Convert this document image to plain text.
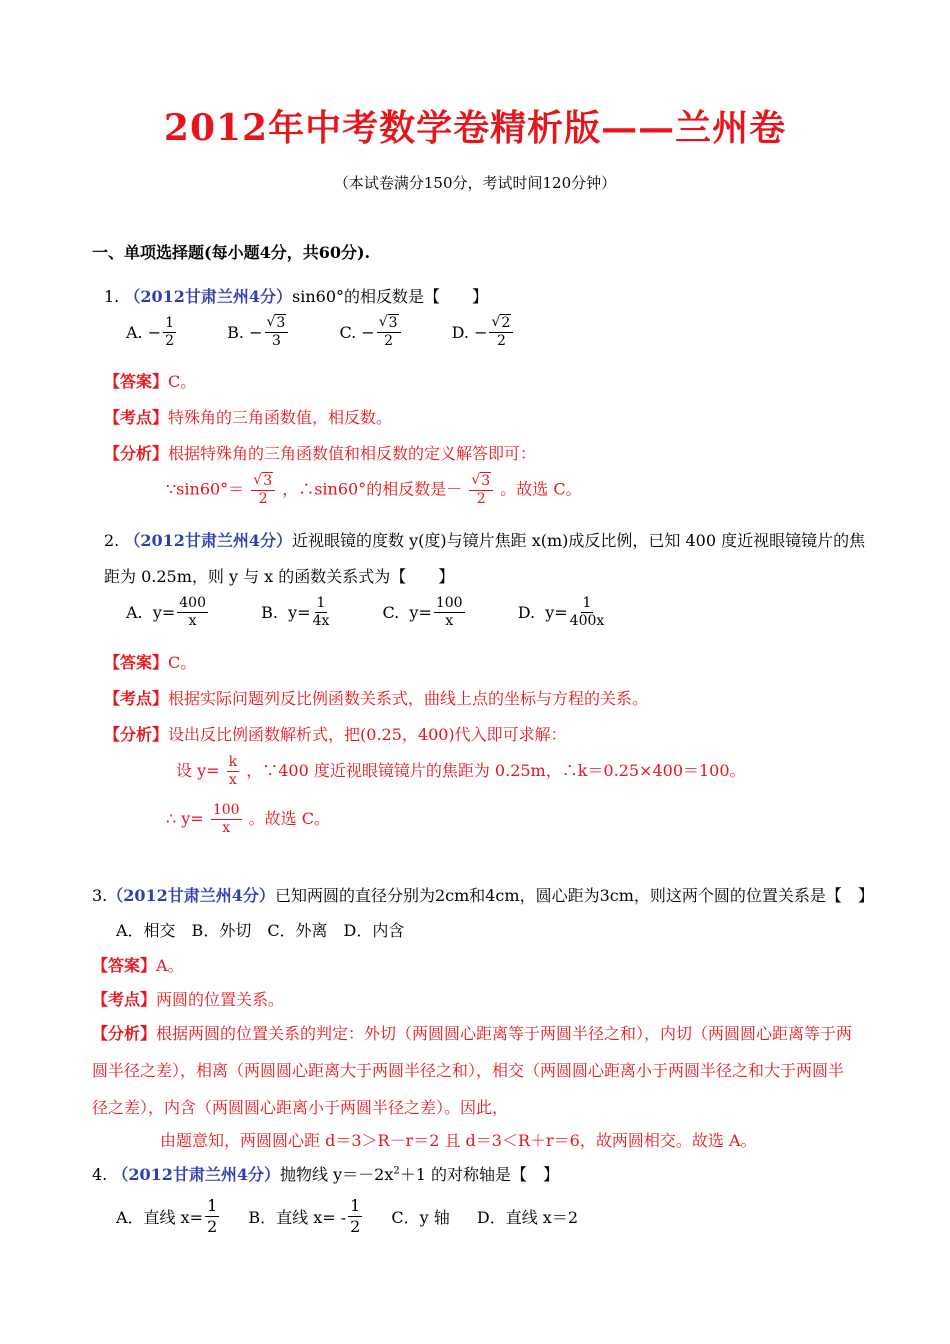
2012年中考数学卷精析版——兰州卷
（本试卷满分150分，考试时间120分钟）
一、单项选择题(每小题4分，共60分).
1. （2012甘肃兰州4分）sin60°的相反数是【　　】
A.
− $\frac{1}{2}$
	B.
− $\frac{√ 3}{3}$
	C.
− $\frac{√ 3}{2}$
	D.
− $\frac{√ 2}{2}$
【答案】C。
【考点】特殊角的三角函数值，相反数。
【分析】根据特殊角的三角函数值和相反数的定义解答即可：
∵sin60°＝ $\frac{√ 3}{2}$ ，∴sin60°的相反数是－ $\frac{√ 3}{2}$ 。故选 C。
2. （2012甘肃兰州4分）近视眼镜的度数 y(度)与镜片焦距 x(m)成反比例，已知 400 度近视眼镜镜片的焦
距为 0.25m，则 y 与 x 的函数关系式为【　　】
A.
$y= \frac{400}{x}$
	B.
$y= \frac{1}{4x}$
	C.
$y= \frac{100}{x}$
	D.
$y= \frac{1}{400x}$
【答案】C。
【考点】根据实际问题列反比例函数关系式，曲线上点的坐标与方程的关系。
【分析】设出反比例函数解析式，把(0.25，400)代入即可求解：
设 $y= \frac{k}{x}$ ，∵400 度近视眼镜镜片的焦距为 0.25m，∴k＝0.25×400＝100。
∴ $y= \frac{100}{x}$ 。故选 C。
3.（2012甘肃兰州4分）已知两圆的直径分别为2cm和4cm，圆心距为3cm，则这两个圆的位置关系是【　】
A．相交　B．外切　C．外离　D．内含
【答案】A。
【考点】两圆的位置关系。
【分析】根据两圆的位置关系的判定：外切（两圆圆心距离等于两圆半径之和），内切（两圆圆心距离等于两
圆半径之差），相离（两圆圆心距离大于两圆半径之和），相交（两圆圆心距离小于两圆半径之和大于两圆半
径之差），内含（两圆圆心距离小于两圆半径之差）。因此，
由题意知，两圆圆心距 d＝3＞R－r＝2 且 d＝3＜R＋r＝6，故两圆相交。故选 A。
4. （2012甘肃兰州4分）抛物线 $y=-2x^2+1$ 的对称轴是【　】
A．直线 $x= \frac{1}{2}$
B．直线 $x= - \frac{1}{2}$
C．y 轴
D．直线 x＝2
